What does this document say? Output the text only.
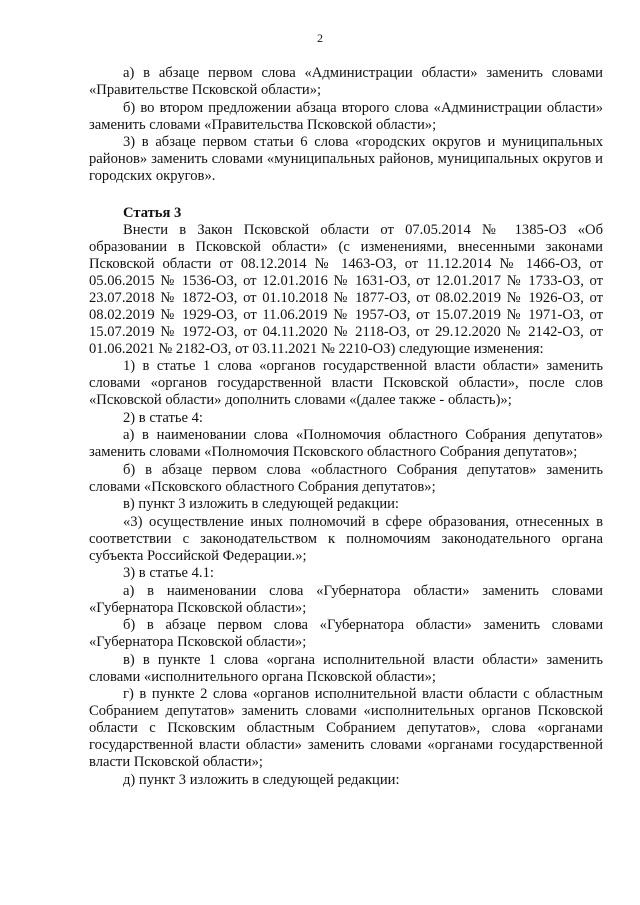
2

а) в абзаце первом слова «Администрации области» заменить словами «Правительстве Псковской области»;

б) во втором предложении абзаца второго слова «Администрации области» заменить словами «Правительства Псковской области»;

3) в абзаце первом статьи 6 слова «городских округов и муниципальных районов» заменить словами «муниципальных районов, муниципальных округов и городских округов».

Статья 3

Внести в Закон Псковской области от 07.05.2014 № 1385-ОЗ «Об образовании в Псковской области» (с изменениями, внесенными законами Псковской области от 08.12.2014 № 1463-ОЗ, от 11.12.2014 № 1466-ОЗ, от 05.06.2015 № 1536-ОЗ, от 12.01.2016 № 1631-ОЗ, от 12.01.2017 № 1733-ОЗ, от 23.07.2018 № 1872-ОЗ, от 01.10.2018 № 1877-ОЗ, от 08.02.2019 № 1926-ОЗ, от 08.02.2019 № 1929-ОЗ, от 11.06.2019 № 1957-ОЗ, от 15.07.2019 № 1971-ОЗ, от 15.07.2019 № 1972-ОЗ, от 04.11.2020 № 2118-ОЗ, от 29.12.2020 № 2142-ОЗ, от 01.06.2021 № 2182-ОЗ, от 03.11.2021 № 2210-ОЗ) следующие изменения:

1) в статье 1 слова «органов государственной власти области» заменить словами «органов государственной власти Псковской области», после слов «Псковской области» дополнить словами «(далее также - область)»;

2) в статье 4:

а) в наименовании слова «Полномочия областного Собрания депутатов» заменить словами «Полномочия Псковского областного Собрания депутатов»;

б) в абзаце первом слова «областного Собрания депутатов» заменить словами «Псковского областного Собрания депутатов»;

в) пункт 3 изложить в следующей редакции:

«3) осуществление иных полномочий в сфере образования, отнесенных в соответствии с законодательством к полномочиям законодательного органа субъекта Российской Федерации.»;

3) в статье 4.1:

а) в наименовании слова «Губернатора области» заменить словами «Губернатора Псковской области»;

б) в абзаце первом слова «Губернатора области» заменить словами «Губернатора Псковской области»;

в) в пункте 1 слова «органа исполнительной власти области» заменить словами «исполнительного органа Псковской области»;

г) в пункте 2 слова «органов исполнительной власти области с областным Собранием депутатов» заменить словами «исполнительных органов Псковской области с Псковским областным Собранием депутатов», слова «органами государственной власти области» заменить словами «органами государственной власти Псковской области»;

д) пункт 3 изложить в следующей редакции:
